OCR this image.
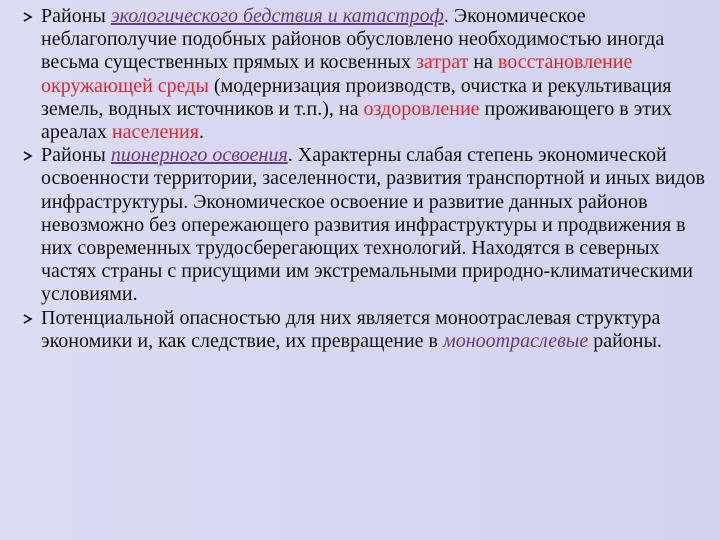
Районы экологического бедствия и катастроф. Экономическое неблагополучие подобных районов обусловлено необходимостью иногда весьма существенных прямых и косвенных затрат на восстановление окружающей среды (модернизация производств, очистка и рекультивация земель, водных источников и т.п.), на оздоровление проживающего в этих ареалах населения.
Районы пионерного освоения. Характерны слабая степень экономической освоенности территории, заселенности, развития транспортной и иных видов инфраструктуры. Экономическое освоение и развитие данных районов невозможно без опережающего развития инфраструктуры и продвижения в них современных трудосберегающих технологий. Находятся в северных частях страны с присущими им экстремальными природно-климатическими условиями.
Потенциальной опасностью для них является моноотраслевая структура экономики и, как следствие, их превращение в моноотраслевые районы.
